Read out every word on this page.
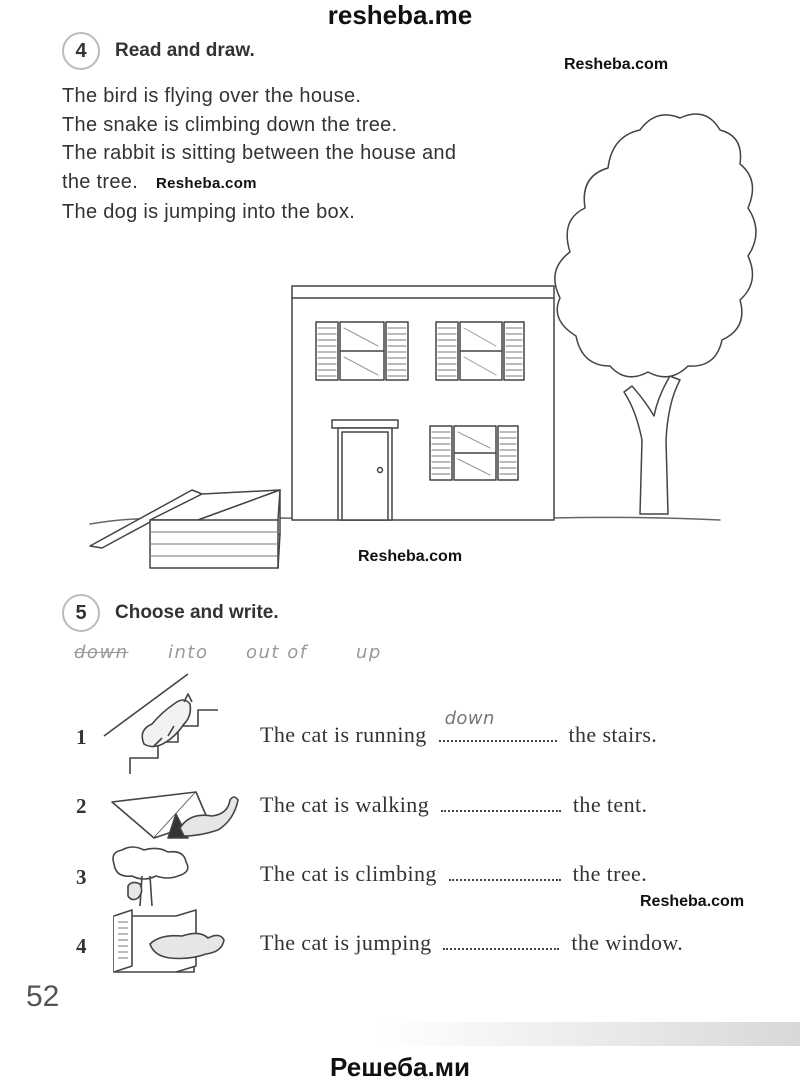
resheba.me
Решеба.ми
4	Read and draw.
Resheba.com
The bird is flying over the house.
The snake is climbing down the tree.
The rabbit is sitting between the house and
the tree. Resheba.com
The dog is jumping into the box.
Resheba.com
5	Choose and write.
down into out of	up
1	The cat is running
down
the stairs.
2	The cat is walking	the tent.
3	The cat is climbing	the tree.
Resheba.com
4	The cat is jumping	the window.
52
